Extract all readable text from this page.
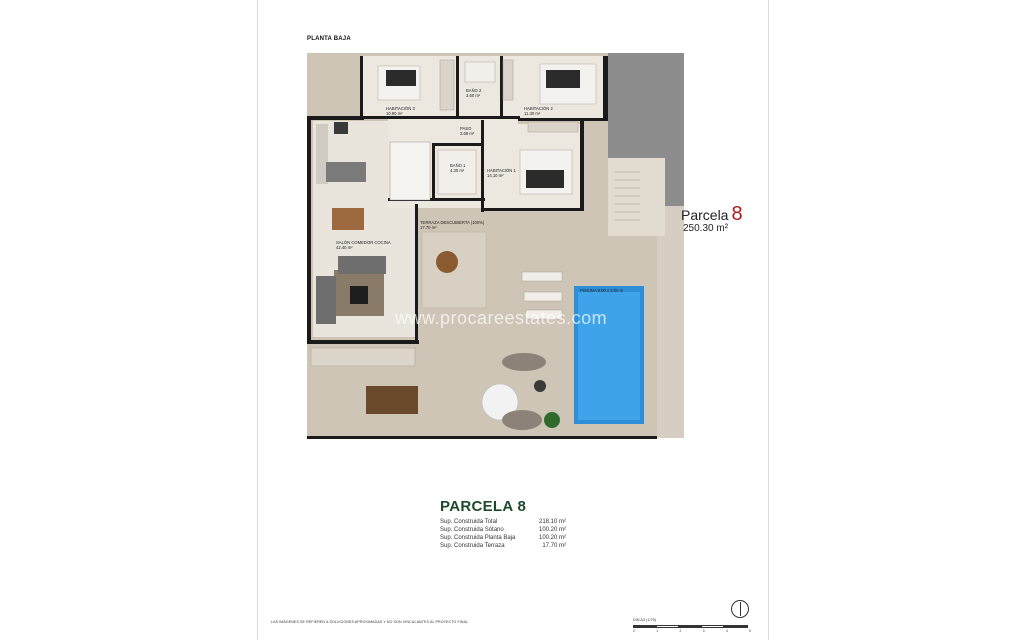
PLANTA BAJA
HABITACIÓN 3
10.90 m²
BAÑO 2
3.60 m²
HABITACIÓN 2
11.30 m²
PASO
3.68 m²
BAÑO 1
4.30 m²	HABITACIÓN 1
14.10 m²
TERRAZA DESCUBIERTA (100%)
17.70 m²
SALÓN COMEDOR COCINA
42.40 m²
PISCINA 8.00 x 3.00 m
www.procareestates.com
Parcela 8
250.30 m²
PARCELA 8
Sup. Construida Total	218.10 m²
Sup. Construida Sótano	100.20 m²
Sup. Construida Planta Baja	100.20 m²
Sup. Construida Terraza	17.70 m²
LAS IMÁGENES SE REFIEREN A SOLUCIONES APROXIMADAS Y NO SON VINCULANTES AL PROYECTO FINAL	DIN A3 (1/75)
0	1	2	3	4	5
